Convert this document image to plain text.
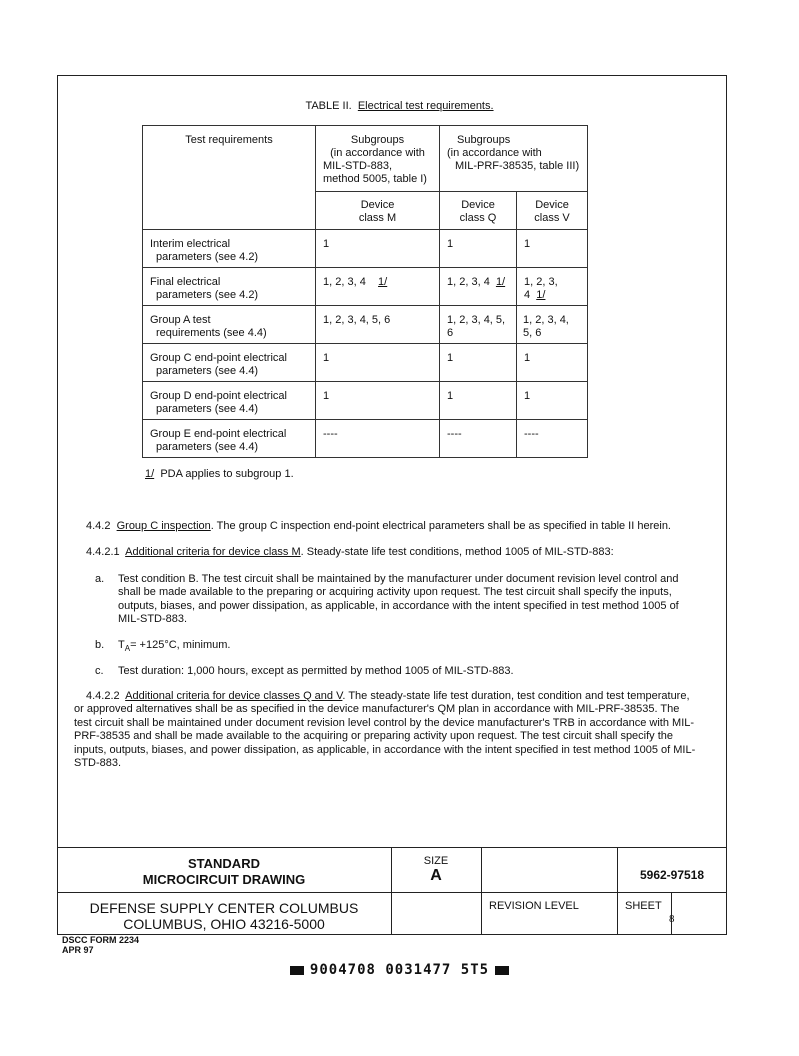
TABLE II. Electrical test requirements.
Test requirements	Subgroups
(in accordance with
MIL-STD-883,
method 5005, table I)	Subgroups
(in accordance with
MIL-PRF-38535, table III)	

	Device
class M	Device
class Q	Device
class V

Interim electrical
parameters (see 4.2)	1	1	1

Final electrical
parameters (see 4.2)	1, 2, 3, 4 1/	1, 2, 3, 4 1/	1, 2, 3, 4 1/

Group A test
requirements (see 4.4)	1, 2, 3, 4, 5, 6	1, 2, 3, 4, 5, 6	1, 2, 3, 4, 5, 6

Group C end-point electrical
parameters (see 4.4)	1	1	1

Group D end-point electrical
parameters (see 4.4)	1	1	1

Group E end-point electrical
parameters (see 4.4)	----	----	----
1/ PDA applies to subgroup 1.
4.4.2 Group C inspection. The group C inspection end-point electrical parameters shall be as specified in table II herein.
4.4.2.1 Additional criteria for device class M. Steady-state life test conditions, method 1005 of MIL-STD-883:
a.	Test condition B. The test circuit shall be maintained by the manufacturer under document revision level control and
shall be made available to the preparing or acquiring activity upon request. The test circuit shall specify the inputs,
outputs, biases, and power dissipation, as applicable, in accordance with the intent specified in test method 1005 of
MIL-STD-883.
b. $T_A= +125^\circ C$, minimum.
c. Test duration: 1,000 hours, except as permitted by method 1005 of MIL-STD-883.
4.4.2.2 Additional criteria for device classes Q and V. The steady-state life test duration, test condition and test temperature,
or approved alternatives shall be as specified in the device manufacturer's QM plan in accordance with MIL-PRF-38535. The
test circuit shall be maintained under document revision level control by the device manufacturer's TRB in accordance with MIL-
PRF-38535 and shall be made available to the acquiring or preparing activity upon request. The test circuit shall specify the
inputs, outputs, biases, and power dissipation, as applicable, in accordance with the intent specified in test method 1005 of MIL-
STD-883.
STANDARD
MICROCIRCUIT DRAWING
SIZE
A	5962-97518
DEFENSE SUPPLY CENTER COLUMBUS
COLUMBUS, OHIO 43216-5000
REVISION LEVEL	SHEET
8
DSCC FORM 2234
APR 97
9004708 0031477 5T5
